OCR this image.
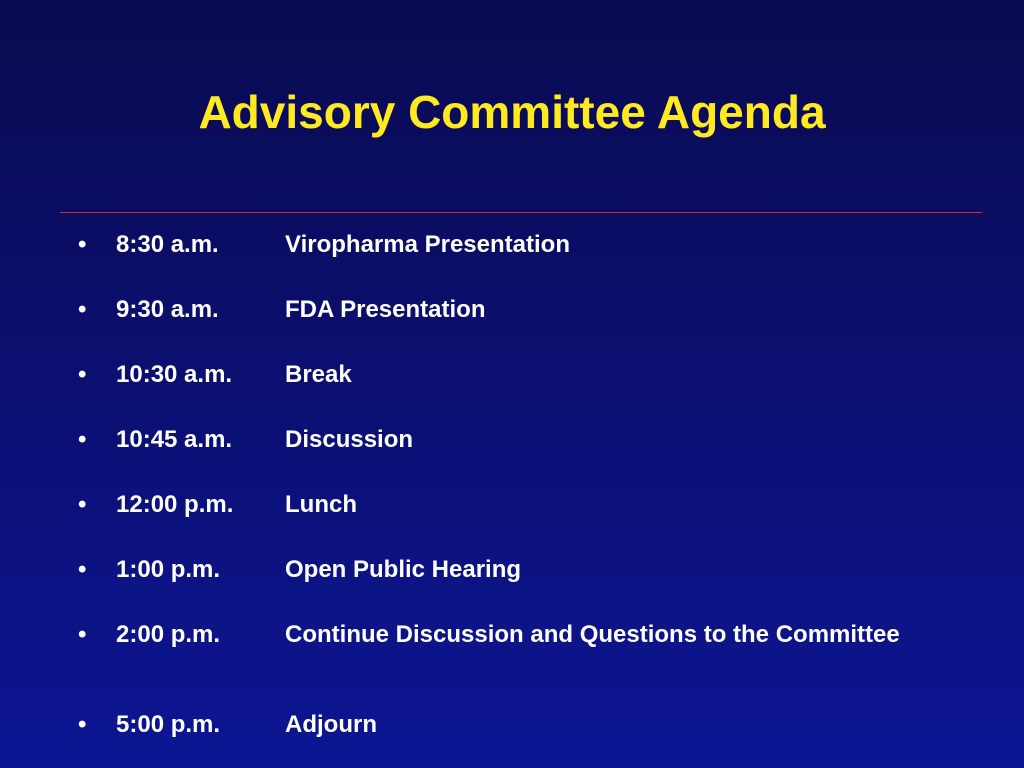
Advisory Committee Agenda
• 8:30 a.m.	Viropharma Presentation
• 9:30 a.m.	FDA Presentation
• 10:30 a.m. Break
• 10:45 a.m. Discussion
• 12:00 p.m. Lunch
• 1:00 p.m.	Open Public Hearing
• 2:00 p.m.	Continue Discussion and Questions to the Committee
• 5:00 p.m.	Adjourn
